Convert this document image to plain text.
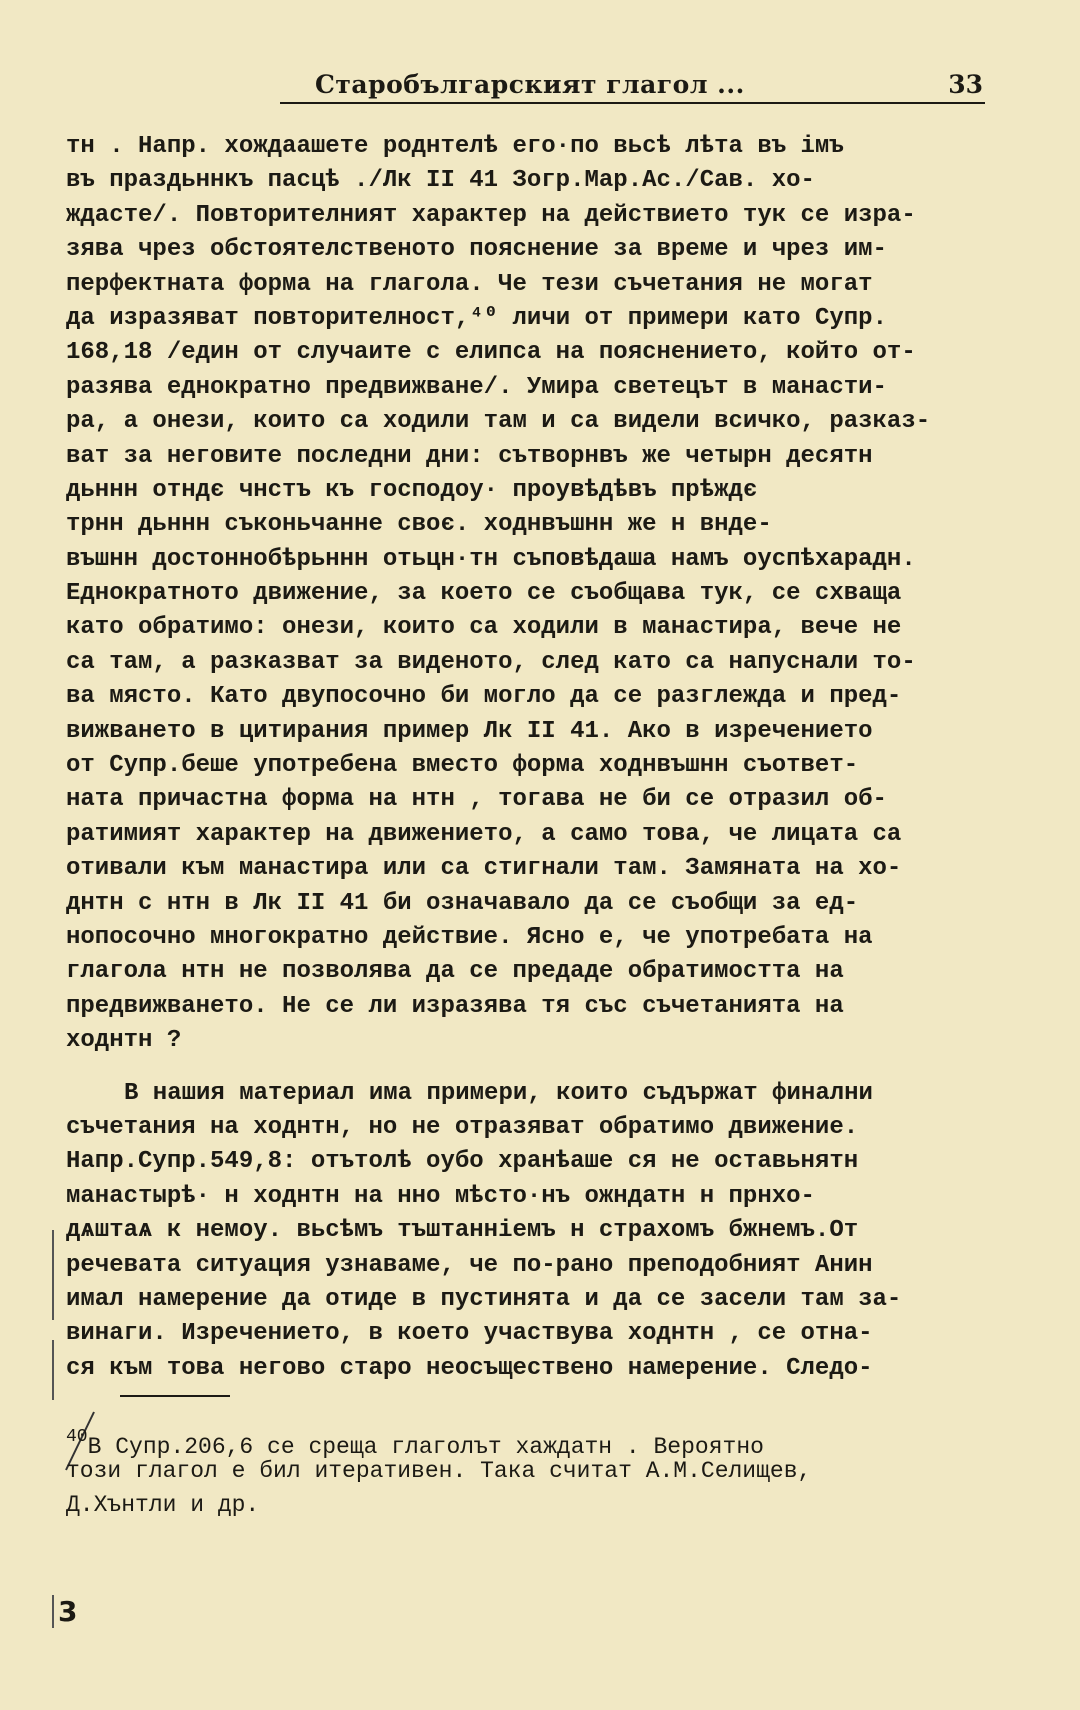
Старобългарският глагол ...	33
тн . Напр. хождаашете роднтелѣ его·по вьсѣ лѣта въ імъ
въ праздьннкъ пасцѣ ./Лк II 41 Зогр.Мар.Ас./Сав. хо-
ждасте/. Повторителният характер на действието тук се изра-
зява чрез обстоятелственото пояснение за време и чрез им-
перфектната форма на глагола. Че тези съчетания не могат
да изразяват повторителност,⁴⁰ личи от примери като Супр.
168,18 /един от случаите с елипса на пояснението, който от-
разява еднократно предвижване/. Умира светецът в манасти-
ра, а онези, които са ходили там и са видели всичко, разказ-
ват за неговите последни дни: сътворнвъ же четырн десятн
дьннн отндє чнстъ къ господоу· проувѣдѣвъ прѣждє
трнн дьннн съконьчанне своє. ходнвъшнн же н внде-
въшнн достоннобѣрьннн отьцн·тн съповѣдаша намъ оуспѣхарадн.
Еднократното движение, за което се съобщава тук, се схваща
като обратимо: онези, които са ходили в манастира, вече не
са там, а разказват за видeното, след като са напуснали то-
ва място. Като двупосочно би могло да се разглежда и пред-
вижването в цитирания пример Лк II 41. Ако в изречението
от Супр.беше употребена вместо форма ходнвъшнн съответ-
ната причастна форма на нтн , тогава не би се отразил об-
ратимият характер на движението, а само това, че лицата са
отивали към манастира или са стигнали там. Замяната на хо-
днтн с нтн в Лк II 41 би означавало да се съобщи за ед-
нопосочно многократно действие. Ясно е, че употребата на
глагола нтн не позволява да се предаде обратимостта на
предвижването. Не се ли изразява тя със съчетанията на
ходнтн ?
В нашия материал има примери, които съдържат финални
съчетания на ходнтн, но не отразяват обратимо движение.
Напр.Супр.549,8: отътолѣ оубо хранѣаше ся не оставьнятн
манастырѣ· н ходнтн на нно мѣсто·нъ ожндатн н прнхо-
дѧштаѧ к немоу. вьсѣмъ тъштанніемъ н страхомъ бжнемъ.От
речевата ситуация узнаваме, че по-рано преподобният Анин
имал намерение да отиде в пустинята и да се засели там за-
винаги. Изречението, в което участвува ходнтн , се отна-
ся към това негово старо неосъществено намерение. Следо-
$^{40}$В Супр.206,6 се среща глаголът хаждатн . Вероятно
този глагол е бил итеративен. Така считат А.М.Селищев,
Д.Хънтли и др.
3
